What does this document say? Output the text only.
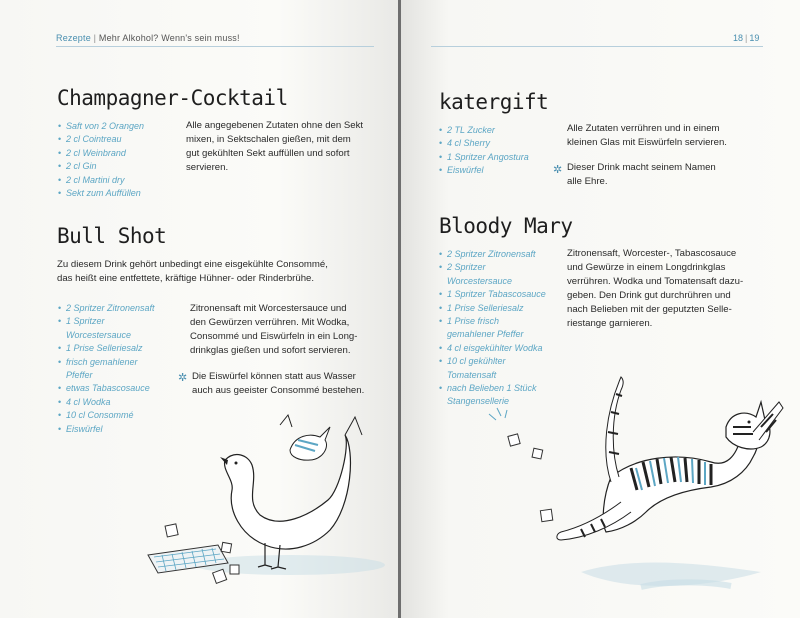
Rezepte | Mehr Alkohol? Wenn's sein muss!
Champagner-Cocktail
• Saft von 2 Orangen
• 2 cl Cointreau
• 2 cl Weinbrand
• 2 cl Gin
• 2 cl Martini dry
• Sekt zum Auffüllen
Alle angegebenen Zutaten ohne den Sekt
mixen, in Sektschalen gießen, mit dem
gut gekühlten Sekt auffüllen und sofort
servieren.
Bull Shot
Zu diesem Drink gehört unbedingt eine eisgekühlte Consommé,
das heißt eine entfettete, kräftige Hühner- oder Rinderbrühe.
• 2 Spritzer Zitronensaft
• 1 Spritzer
Worcestersauce
• 1 Prise Selleriesalz
• frisch gemahlener
Pfeffer
• etwas Tabascosauce
• 4 cl Wodka
• 10 cl Consommé
• Eiswürfel
Zitronensaft mit Worcestersauce und
den Gewürzen verrühren. Mit Wodka,
Consommé und Eiswürfeln in ein Long-
drinkglas gießen und sofort servieren.
✲ Die Eiswürfel können statt aus Wasser
auch aus geeister Consommé bestehen.
18 | 19
katergift
• 2 TL Zucker
• 4 cl Sherry
• 1 Spritzer Angostura
• Eiswürfel
Alle Zutaten verrühren und in einem
kleinen Glas mit Eiswürfeln servieren.
✲ Dieser Drink macht seinem Namen
alle Ehre.
Bloody Mary
• 2 Spritzer Zitronensaft
• 2 Spritzer
Worcestersauce
• 1 Spritzer Tabascosauce
• 1 Prise Selleriesalz
• 1 Prise frisch
gemahlener Pfeffer
• 4 cl eisgekühlter Wodka
• 10 cl gekühlter
Tomatensaft
• nach Belieben 1 Stück
Stangensellerie
Zitronensaft, Worcester-, Tabascosauce
und Gewürze in einem Longdrinkglas
verrühren. Wodka und Tomatensaft dazu-
geben. Den Drink gut durchrühren und
nach Belieben mit der geputzten Selle-
riestange garnieren.
